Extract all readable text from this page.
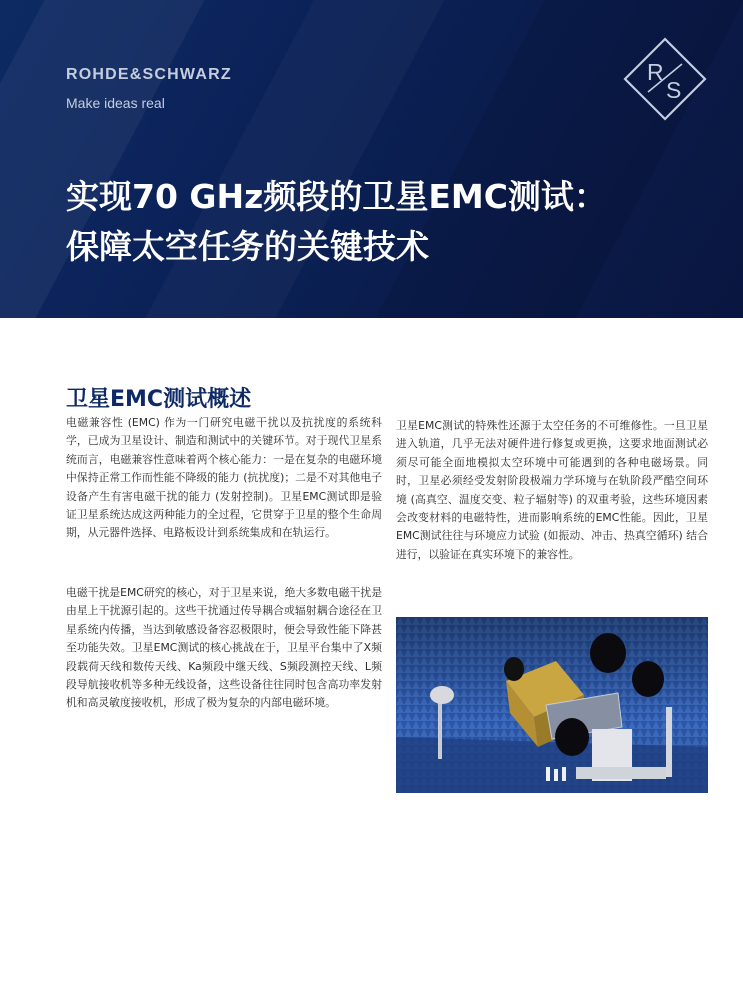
ROHDE&SCHWARZ
Make ideas real
R
S
实现70 GHz频段的卫星EMC测试：
保障太空任务的关键技术
卫星EMC测试概述

电磁兼容性 (EMC) 作为一门研究电磁干扰以及抗扰度的系统科学，已成为卫星设计、制造和测试中的关键环节。对于现代卫星系统而言，电磁兼容性意味着两个核心能力：一是在复杂的电磁环境中保持正常工作而性能不降级的能力 (抗扰度)；二是不对其他电子设备产生有害电磁干扰的能力 (发射控制)。卫星EMC测试即是验证卫星系统达成这两种能力的全过程，它贯穿于卫星的整个生命周期，从元器件选择、电路板设计到系统集成和在轨运行。

电磁干扰是EMC研究的核心，对于卫星来说，绝大多数电磁干扰是由星上干扰源引起的。这些干扰通过传导耦合或辐射耦合途径在卫星系统内传播，当达到敏感设备容忍极限时，便会导致性能下降甚至功能失效。卫星EMC测试的核心挑战在于，卫星平台集中了X频段载荷天线和数传天线、Ka频段中继天线、S频段测控天线、L频段导航接收机等多种无线设备，这些设备往往同时包含高功率发射机和高灵敏度接收机，形成了极为复杂的内部电磁环境。

卫星EMC测试的特殊性还源于太空任务的不可维修性。一旦卫星进入轨道，几乎无法对硬件进行修复或更换，这要求地面测试必须尽可能全面地模拟太空环境中可能遇到的各种电磁场景。同时，卫星必须经受发射阶段极端力学环境与在轨阶段严酷空间环境 (高真空、温度交变、粒子辐射等) 的双重考验，这些环境因素会改变材料的电磁特性，进而影响系统的EMC性能。因此，卫星EMC测试往往与环境应力试验 (如振动、冲击、热真空循环) 结合进行，以验证在真实环境下的兼容性。
